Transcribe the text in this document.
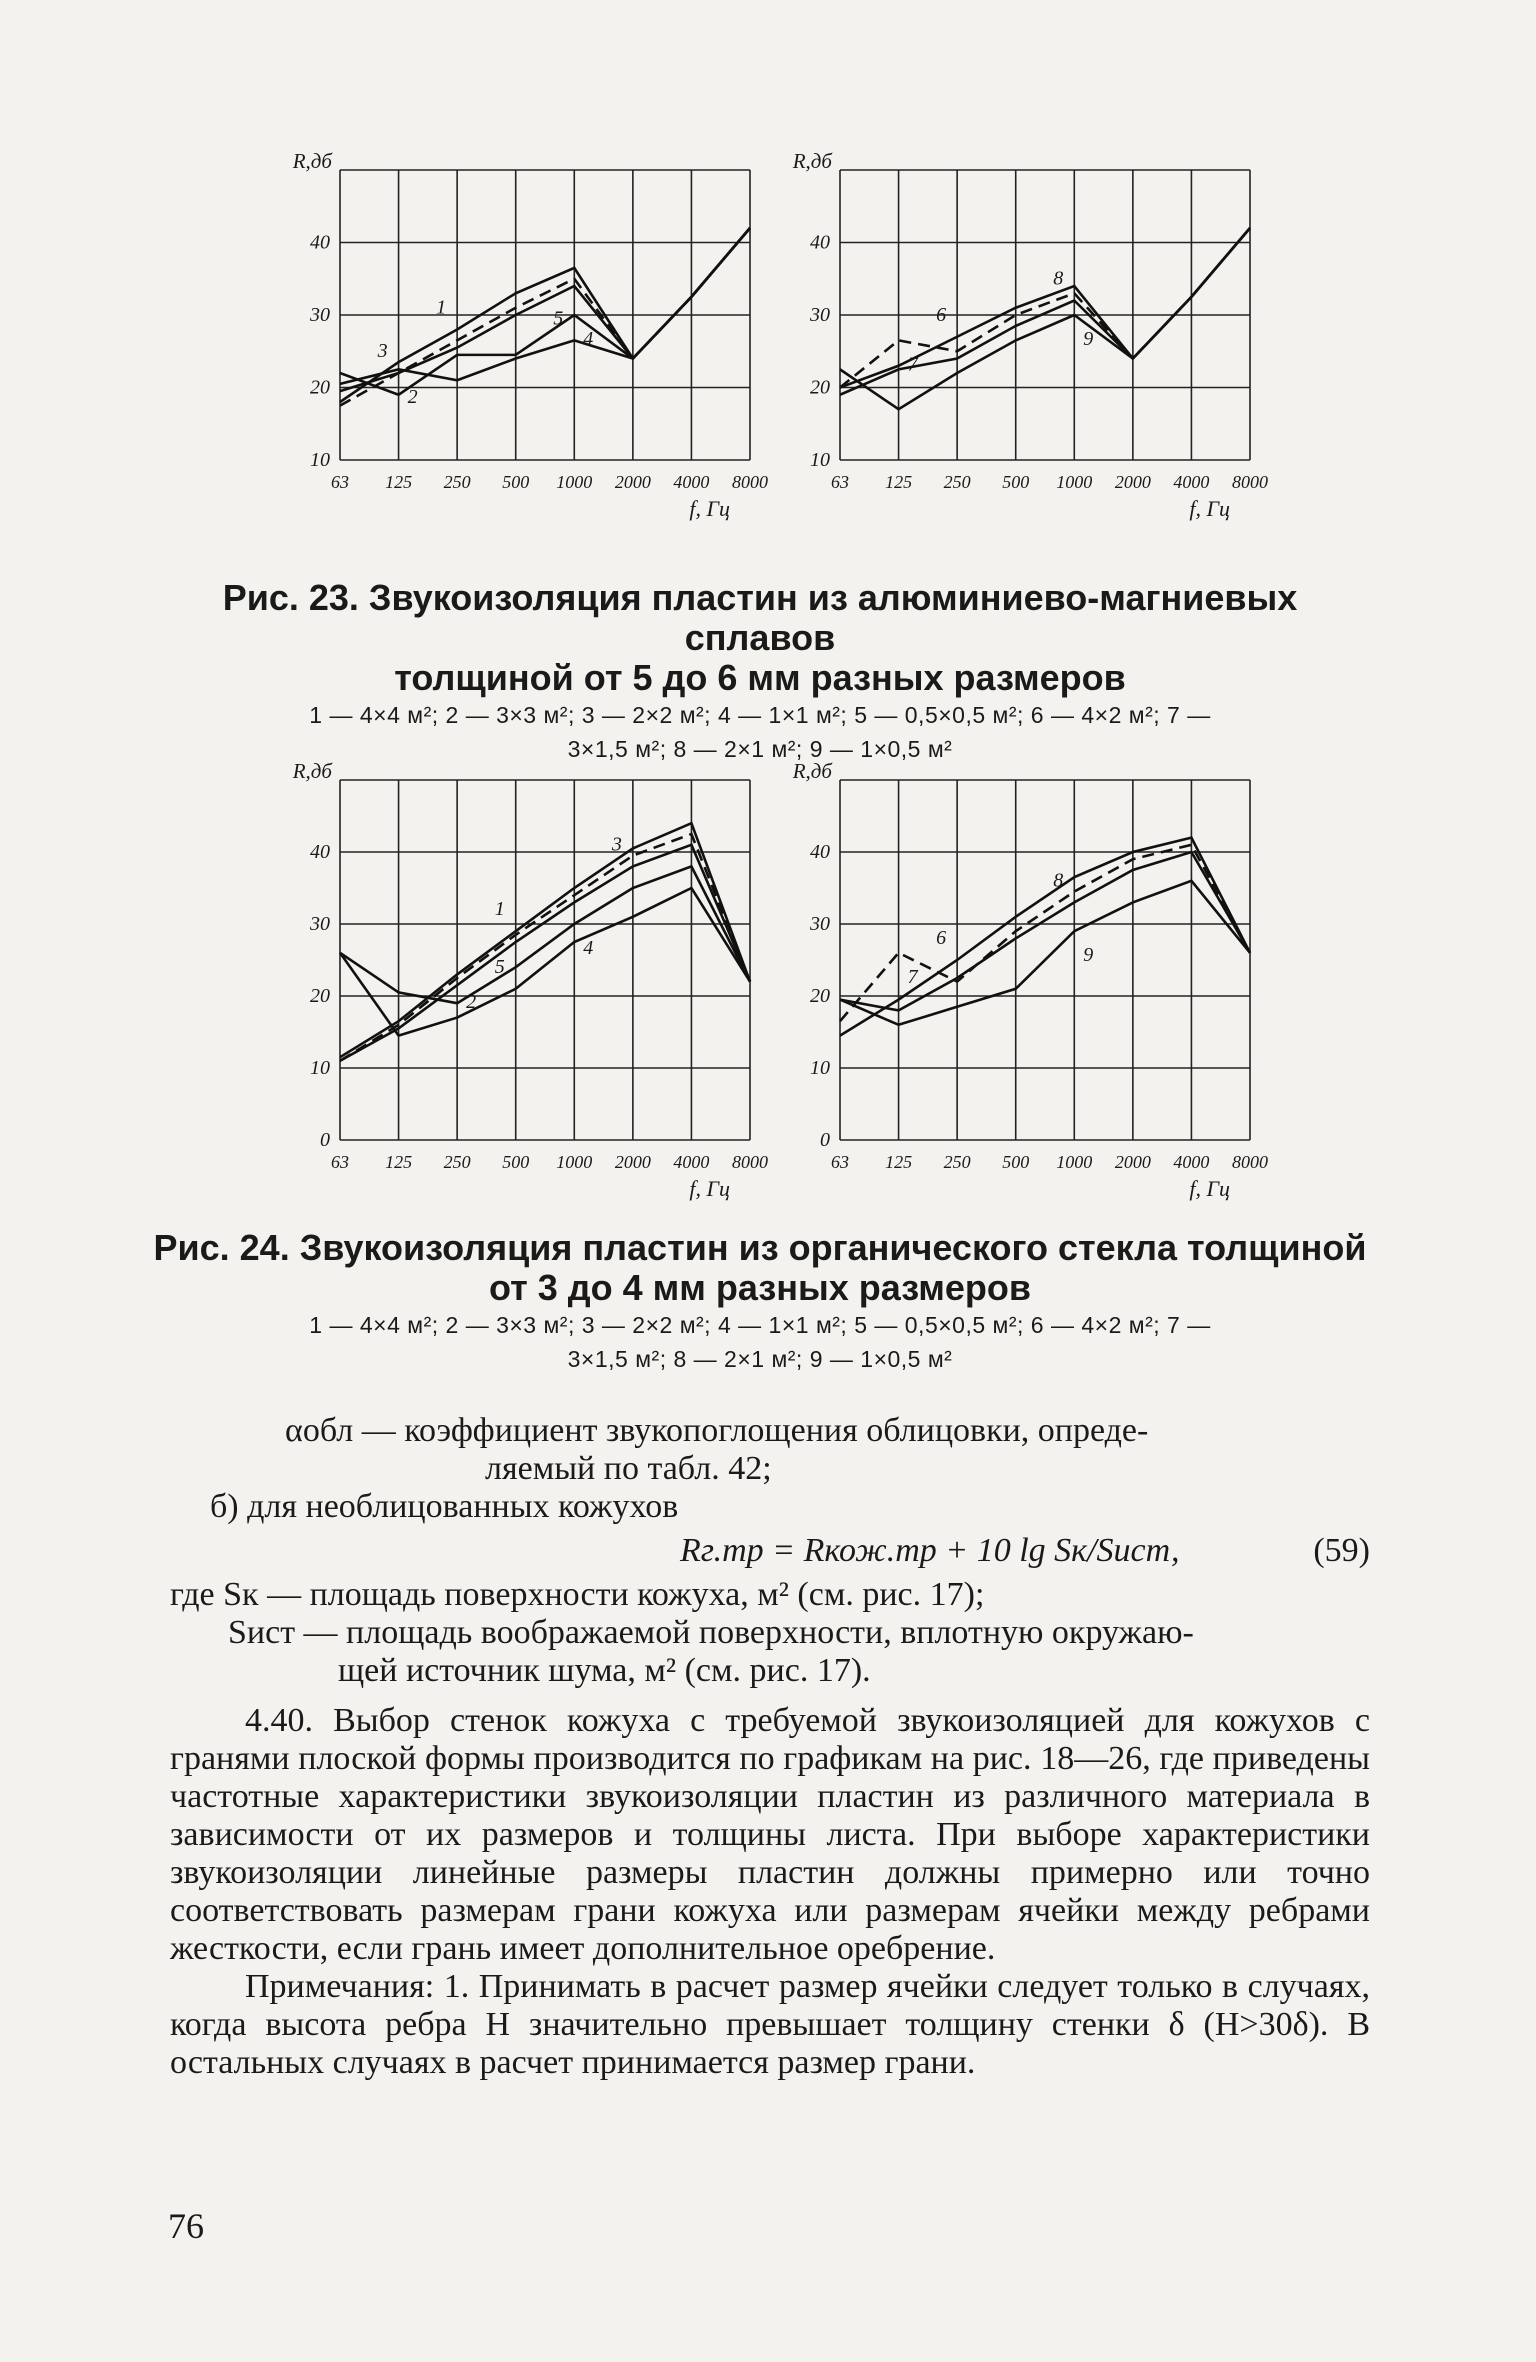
40
30
20
10
R,дб
63 125 250 500 1000 2000 4000 8000
f, Гц
1
2
3
4
5
40
30
20
10
R,дб
63 125 250 500 1000 2000 4000 8000
f, Гц
6
7
8
9

Рис. 23. Звукоизоляция пластин из алюминиево-магниевых сплавов

толщиной от 5 до 6 мм разных размеров

1 — 4×4 м²; 2 — 3×3 м²; 3 — 2×2 м²; 4 — 1×1 м²; 5 — 0,5×0,5 м²; 6 — 4×2 м²; 7 —

3×1,5 м²; 8 — 2×1 м²; 9 — 1×0,5 м²

40
30
20
10
0
R,дб
63 125 250 500 1000 2000 4000 8000
f, Гц
1
2
3
4
5
40
30
20
10
0
R,дб
63 125 250 500 1000 2000 4000 8000
f, Гц
6
7
8
9

Рис. 24. Звукоизоляция пластин из органического стекла толщиной

от 3 до 4 мм разных размеров

1 — 4×4 м²; 2 — 3×3 м²; 3 — 2×2 м²; 4 — 1×1 м²; 5 — 0,5×0,5 м²; 6 — 4×2 м²; 7 —

3×1,5 м²; 8 — 2×1 м²; 9 — 1×0,5 м²

αобл — коэффициент звукопоглощения облицовки, опреде-

ляемый по табл. 42;

б) для необлицованных кожухов

Rг.тр = Rкож.тр + 10 lg Sк/Sист,	(59)

где Sк — площадь поверхности кожуха, м² (см. рис. 17);

Sист — площадь воображаемой поверхности, вплотную окружаю-

щей источник шума, м² (см. рис. 17).

4.40. Выбор стенок кожуха с требуемой звукоизоляцией для кожухов с гранями плоской формы производится по графикам на рис. 18—26, где приведены частотные характеристики звукоизоляции пластин из различного материала в зависимости от их размеров и толщины листа. При выборе характеристики звукоизоляции линейные размеры пластин должны примерно или точно соответствовать размерам грани кожуха или размерам ячейки между ребрами жесткости, если грань имеет дополнительное оребрение.

Примечания: 1. Принимать в расчет размер ячейки следует только в случаях, когда высота ребра H значительно превышает толщину стенки δ (H>30δ). В остальных случаях в расчет принимается размер грани.

76
